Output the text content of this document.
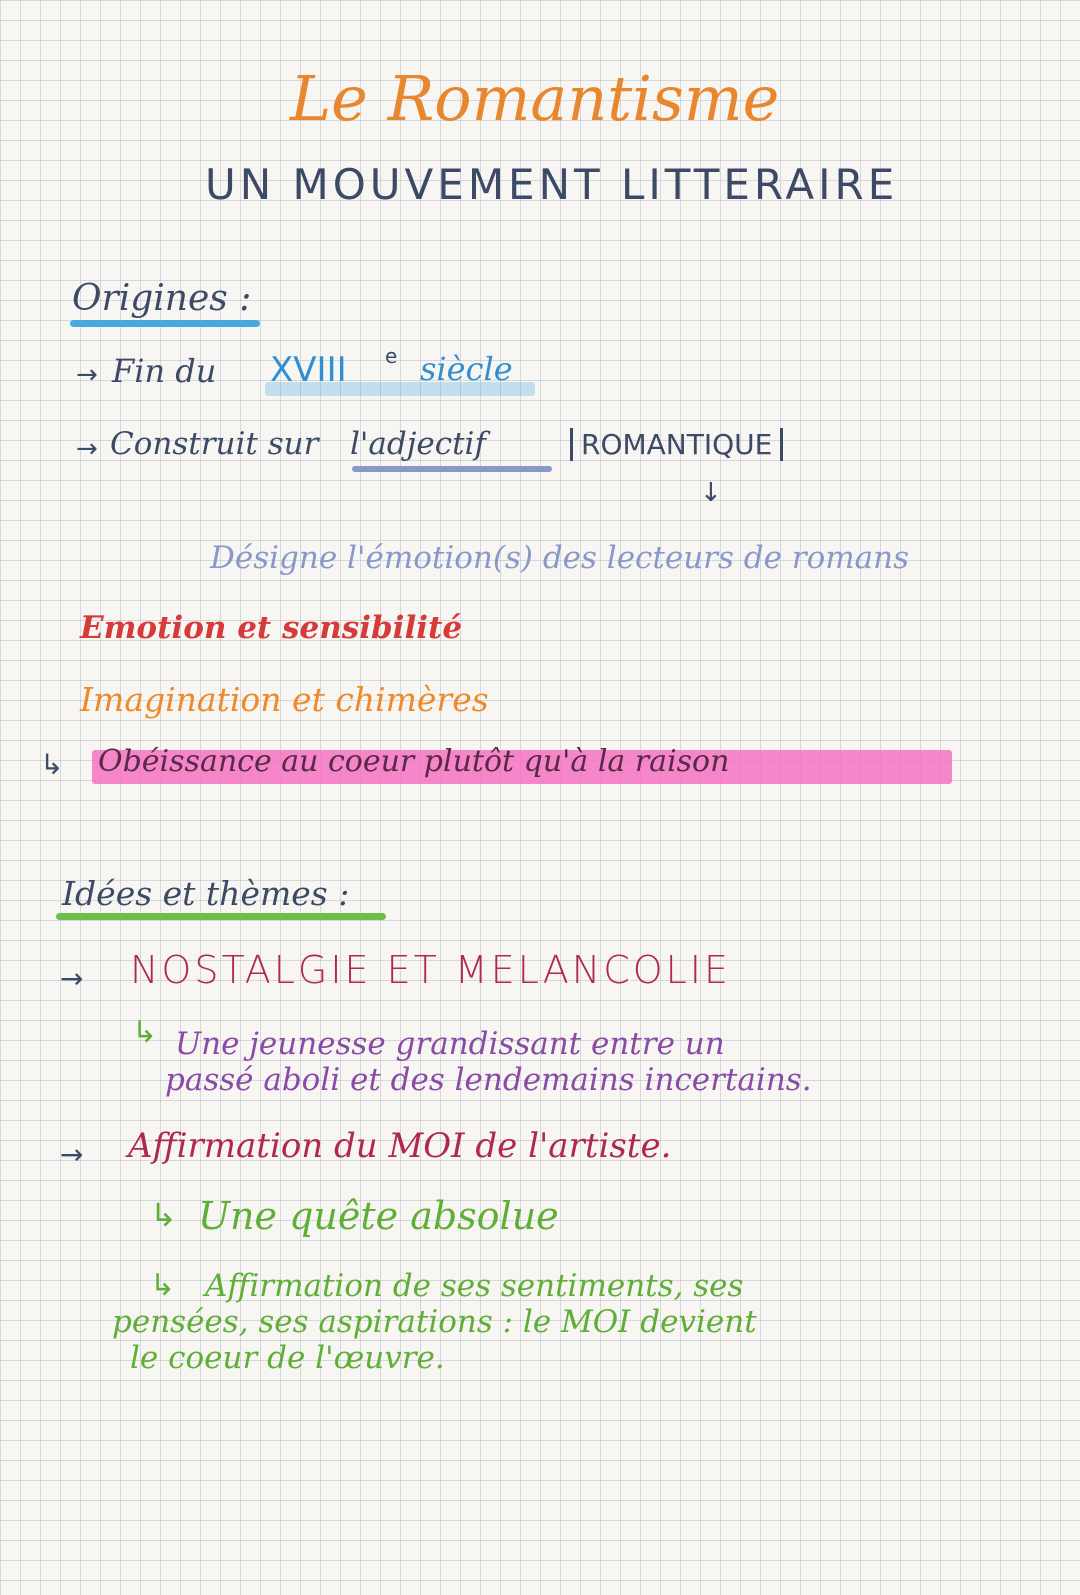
Le Romantisme
UN MOUVEMENT LITTERAIRE
Origines :
→ Fin du XVIII e siècle
→ Construit sur l'adjectif	ROMANTIQUE
↓
Désigne l'émotion(s) des lecteurs de romans
Emotion et sensibilité
Imagination et chimères
↳ Obéissance au coeur plutôt qu'à la raison
Idées et thèmes :
→ NOSTALGIE ET MELANCOLIE
↳ Une jeunesse grandissant entre un
passé aboli et des lendemains incertains.
→ Affirmation du MOI de l'artiste.
↳ Une quête absolue
↳ Affirmation de ses sentiments, ses
pensées, ses aspirations : le MOI devient
le coeur de l'œuvre.
